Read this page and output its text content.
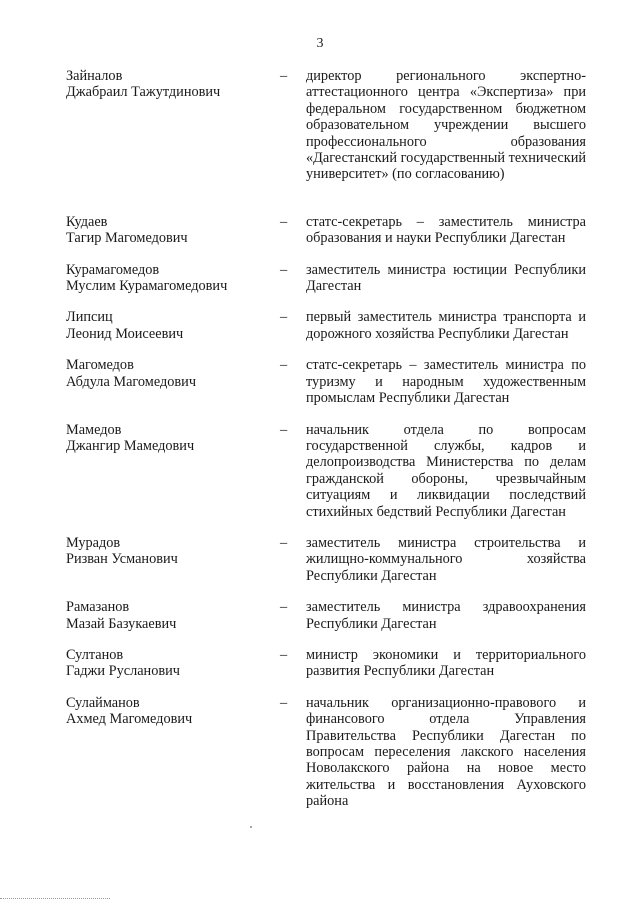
3
Зайналов
Джабраил Тажутдинович
–	директор регионального экспертно-аттестационного центра «Экспертиза» при федеральном государственном бюджетном образовательном учреждении высшего профессионального образования «Дагестанский государственный технический университет» (по согласованию)
Кудаев
Тагир Магомедович
–	статс-секретарь – заместитель министра образования и науки Республики Дагестан
Курамагомедов
Муслим Курамагомедович
–	заместитель министра юстиции Республики Дагестан
Липсиц
Леонид Моисеевич
–	первый заместитель министра транспорта и дорожного хозяйства Республики Дагестан
Магомедов
Абдула Магомедович
–	статс-секретарь – заместитель министра по туризму и народным художественным промыслам Республики Дагестан
Мамедов
Джангир Мамедович
–	начальник отдела по вопросам государственной службы, кадров и делопроизводства Министерства по делам гражданской обороны, чрезвычайным ситуациям и ликвидации последствий стихийных бедствий Республики Дагестан
Мурадов
Ризван Усманович
–	заместитель министра строительства и жилищно-коммунального хозяйства Республики Дагестан
Рамазанов
Мазай Базукаевич
–	заместитель министра здравоохранения Республики Дагестан
Султанов
Гаджи Русланович
–	министр экономики и территориального развития Республики Дагестан
Сулайманов
Ахмед Магомедович
–	начальник организационно-правового и финансового отдела Управления Правительства Республики Дагестан по вопросам переселения лакского населения Новолакского района на новое место жительства и восстановления Ауховского района
